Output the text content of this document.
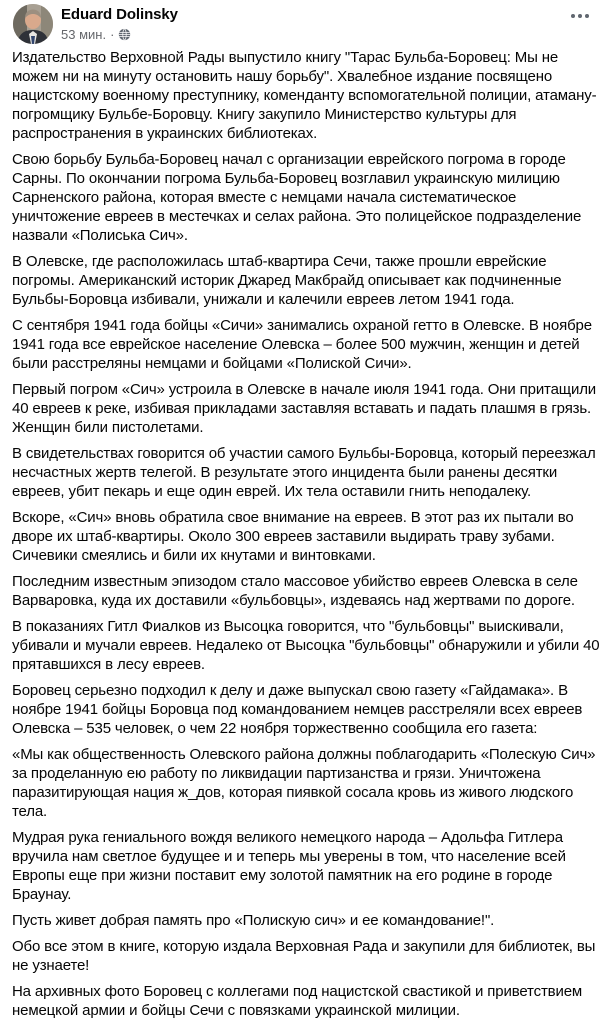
Eduard Dolinsky
53 мин. ·
Издательство Верховной Рады выпустило книгу "Тарас Бульба-Боровец: Мы не можем ни на минуту остановить нашу борьбу". Хвалебное издание посвящено нацистскому военному преступнику, коменданту вспомогательной полиции, атаману-погромщику Бульбе-Боровцу. Книгу закупило Министерство культуры для распространения в украинских библиотеках.
Свою борьбу Бульба-Боровец начал с организации еврейского погрома в городе Сарны. По окончании погрома Бульба-Боровец возглавил украинскую милицию Сарненского района, которая вместе с немцами начала систематическое уничтожение евреев в местечках и селах района. Это полицейское подразделение назвали «Полиська Сич».
В Олевске, где расположилась штаб-квартира Сечи, также прошли еврейские погромы. Американский историк Джаред Макбрайд описывает как подчиненные Бульбы-Боровца избивали, унижали и калечили евреев летом 1941 года.
С сентября 1941 года бойцы «Сичи» занимались охраной гетто в Олевске. В ноябре 1941 года все еврейское население Олевска – более 500 мужчин, женщин и детей были расстреляны немцами и бойцами «Полиской Сичи».
Первый погром «Сич» устроила в Олевске в начале июля 1941 года. Они притащили 40 евреев к реке, избивая прикладами заставляя вставать и падать плашмя в грязь. Женщин били пистолетами.
В свидетельствах говорится об участии самого Бульбы-Боровца, который переезжал несчастных жертв телегой. В результате этого инцидента были ранены десятки евреев, убит пекарь и еще один еврей. Их тела оставили гнить неподалеку.
Вскоре, «Сич» вновь обратила свое внимание на евреев. В этот раз их пытали во дворе их штаб-квартиры. Около 300 евреев заставили выдирать траву зубами. Сичевики смеялись и били их кнутами и винтовками.
Последним известным эпизодом стало массовое убийство евреев Олевска в селе Варваровка, куда их доставили «бульбовцы», издеваясь над жертвами по дороге.
В показаниях Гитл Фиалков из Высоцка говорится, что "бульбовцы" выискивали, убивали и мучали евреев. Недалеко от Высоцка "бульбовцы" обнаружили и убили 40 прятавшихся в лесу евреев.
Боровец серьезно подходил к делу и даже выпускал свою газету «Гайдамака». В ноябре 1941 бойцы Боровца под командованием немцев расстреляли всех евреев Олевска – 535 человек, о чем 22 ноября торжественно сообщила его газета:
«Мы как общественность Олевского района должны поблагодарить «Полескую Сич» за проделанную ею работу по ликвидации партизанства и грязи. Уничтожена паразитирующая нация ж_дов, которая пиявкой сосала кровь из живого людского тела.
Мудрая рука гениального вождя великого немецкого народа – Адольфа Гитлера вручила нам светлое будущее и и теперь мы уверены в том, что население всей Европы еще при жизни поставит ему золотой памятник на его родине в городе Браунау.
Пусть живет добрая память про «Полискую сич» и ее командование!".
Обо все этом в книге, которую издала Верховная Рада и закупили для библиотек, вы не узнаете!
На архивных фото Боровец с коллегами под нацистской свастикой и приветствием немецкой армии и бойцы Сечи с повязками украинской милиции.
